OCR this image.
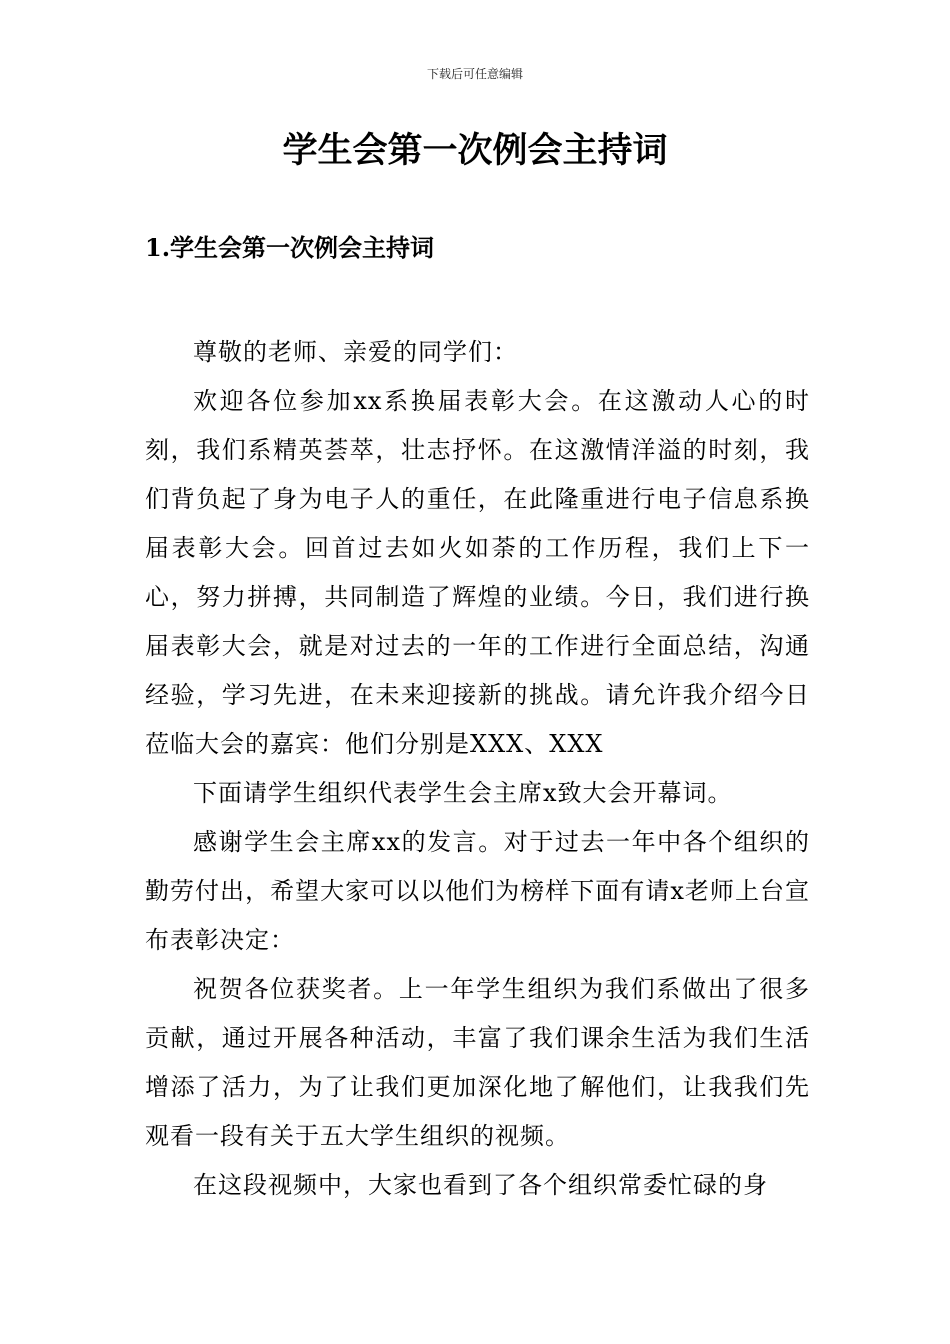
下载后可任意编辑
学生会第一次例会主持词
1.学生会第一次例会主持词

尊敬的老师、亲爱的同学们：

欢迎各位参加xx系换届表彰大会。在这激动人心的时刻，我们系精英荟萃，壮志抒怀。在这激情洋溢的时刻，我们背负起了身为电子人的重任，在此隆重进行电子信息系换届表彰大会。回首过去如火如荼的工作历程，我们上下一心，努力拼搏，共同制造了辉煌的业绩。今日，我们进行换届表彰大会，就是对过去的一年的工作进行全面总结，沟通经验，学习先进，在未来迎接新的挑战。请允许我介绍今日莅临大会的嘉宾：他们分别是XXX、XXX

下面请学生组织代表学生会主席x致大会开幕词。

感谢学生会主席xx的发言。对于过去一年中各个组织的勤劳付出，希望大家可以以他们为榜样下面有请x老师上台宣布表彰决定：

祝贺各位获奖者。上一年学生组织为我们系做出了很多贡献，通过开展各种活动，丰富了我们课余生活为我们生活增添了活力，为了让我们更加深化地了解他们，让我我们先观看一段有关于五大学生组织的视频。

在这段视频中，大家也看到了各个组织常委忙碌的身
